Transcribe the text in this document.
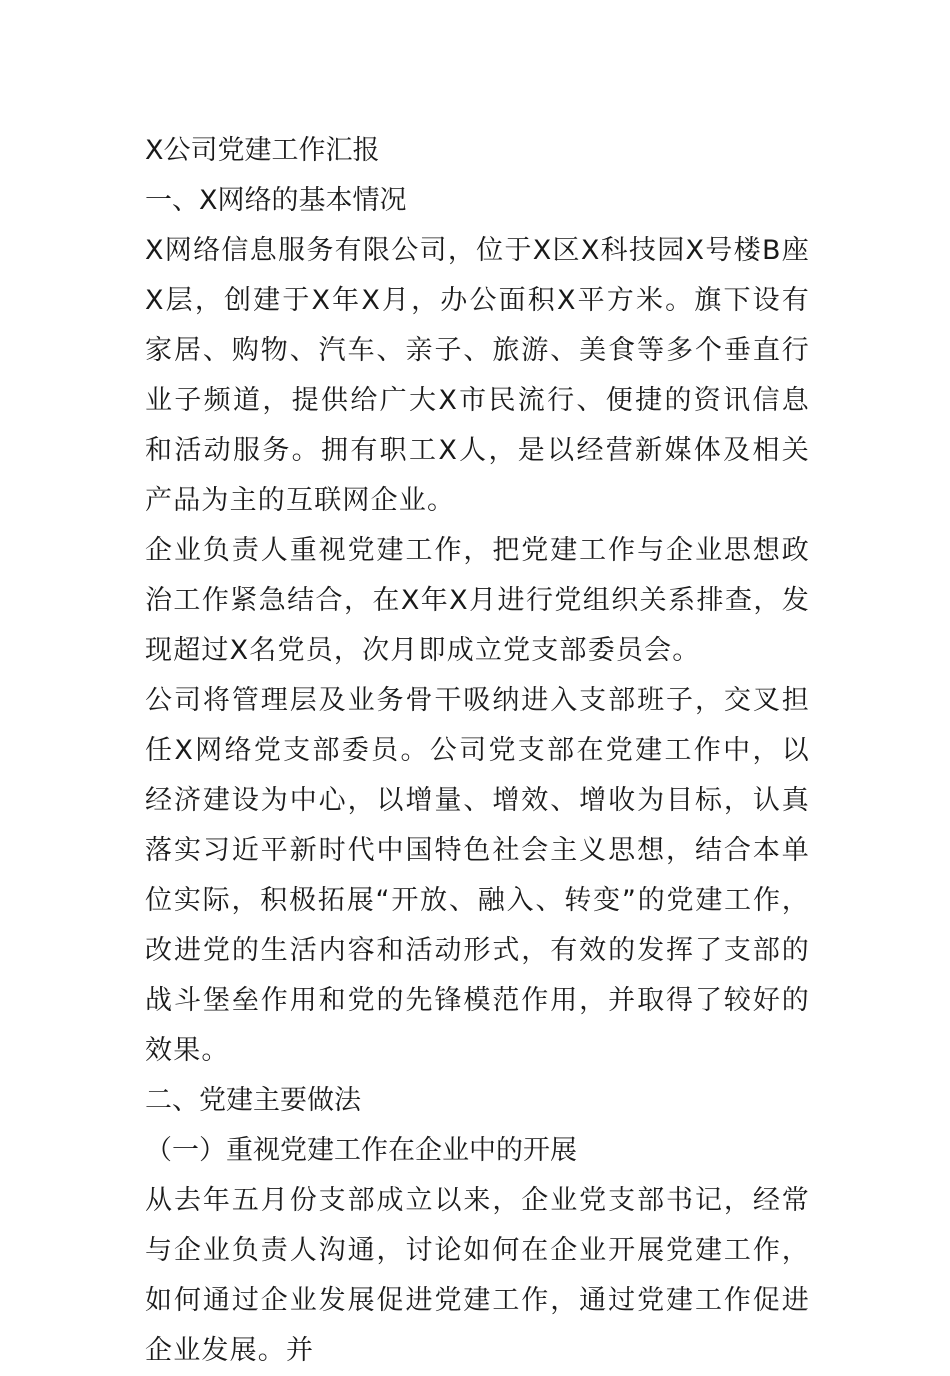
X公司党建工作汇报
一、X网络的基本情况

X网络信息服务有限公司，位于X区X科技园X号楼B座X层，创建于X年X月，办公面积X平方米。旗下设有家居、购物、汽车、亲子、旅游、美食等多个垂直行业子频道，提供给广大X市民流行、便捷的资讯信息和活动服务。拥有职工X人，是以经营新媒体及相关产品为主的互联网企业。

企业负责人重视党建工作，把党建工作与企业思想政治工作紧急结合，在X年X月进行党组织关系排查，发现超过X名党员，次月即成立党支部委员会。

公司将管理层及业务骨干吸纳进入支部班子，交叉担任X网络党支部委员。公司党支部在党建工作中，以经济建设为中心，以增量、增效、增收为目标，认真落实习近平新时代中国特色社会主义思想，结合本单位实际，积极拓展“开放、融入、转变”的党建工作，改进党的生活内容和活动形式，有效的发挥了支部的战斗堡垒作用和党的先锋模范作用，并取得了较好的效果。

二、党建主要做法
（一）重视党建工作在企业中的开展

从去年五月份支部成立以来，企业党支部书记，经常与企业负责人沟通，讨论如何在企业开展党建工作，如何通过企业发展促进党建工作，通过党建工作促进企业发展。并
